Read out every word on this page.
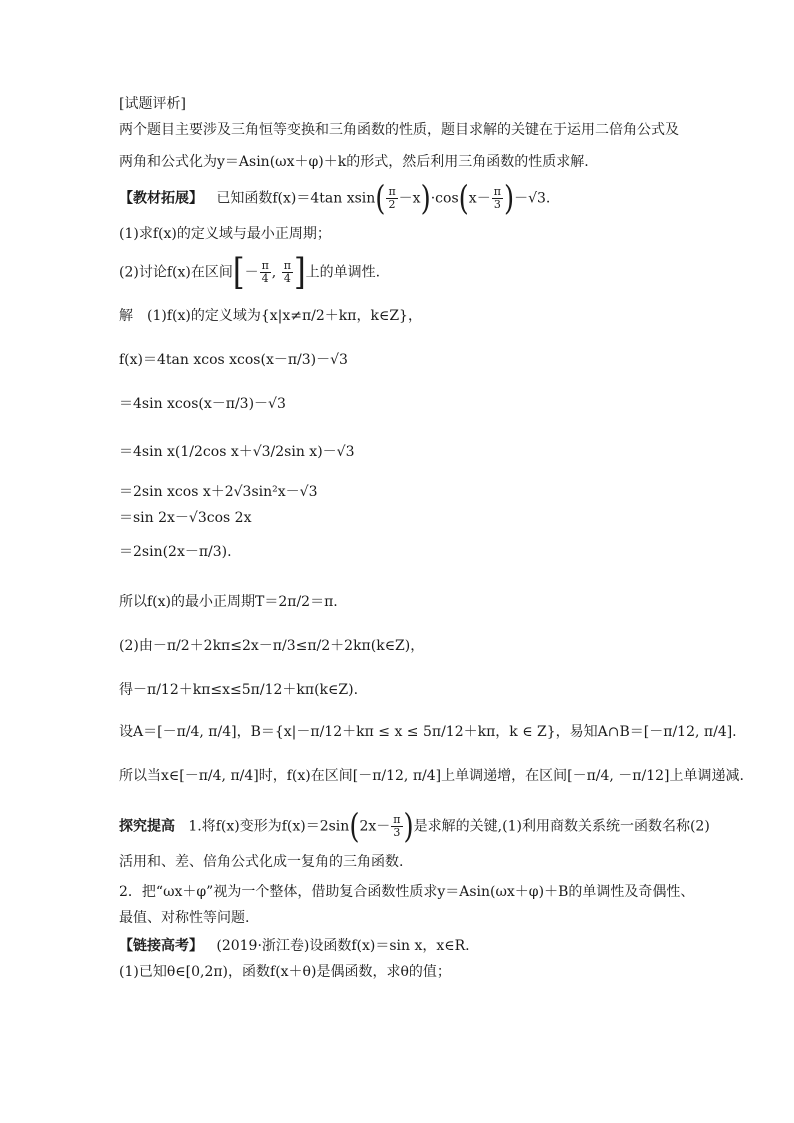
[试题评析]
两个题目主要涉及三角恒等变换和三角函数的性质，题目求解的关键在于运用二倍角公式及
两角和公式化为y＝Asin(ωx＋φ)＋k的形式，然后利用三角函数的性质求解.
【教材拓展】 已知函数f(x)＝4tan $xsin( \frac{\pi}{2} -x)\cdot\cos(x- \frac{\pi}{3} )-√3$.
(1)求f(x)的定义域与最小正周期；
(2)讨论f(x)在区间[－ $\frac{\pi}{4}$ , $\frac{\pi}{4}$ ]上的单调性.
解　(1)f(x)的定义域为{x|x≠π/2＋kπ，k∈Z}，
f(x)＝4tan xcos xcos(x－π/3)－√3
＝4sin xcos(x－π/3)－√3
＝4sin x(1/2cos x＋√3/2sin x)－√3
＝2sin xcos x＋2√3sin²x－√3
＝sin 2x－√3cos 2x
＝2sin(2x－π/3).
所以f(x)的最小正周期T＝2π/2＝π.
(2)由－π/2＋2kπ≤2x－π/3≤π/2＋2kπ(k∈Z)，
得－π/12＋kπ≤x≤5π/12＋kπ(k∈Z).
设A＝[－π/4, π/4]，B＝{x|－π/12＋kπ ≤ x ≤ 5π/12＋kπ，k ∈ Z}，易知A∩B＝[－π/12, π/4].
所以当x∈[－π/4, π/4]时，f(x)在区间[－π/12, π/4]上单调递增，在区间[－π/4, －π/12]上单调递减.
探究提高 1.将f(x)变形为$f(x)=2\sin(2x- \frac{\pi}{3}$ )是求解的关键,(1)利用商数关系统一函数名称(2)
活用和、差、倍角公式化成一复角的三角函数.
2．把“ωx＋φ”视为一个整体，借助复合函数性质求y＝Asin(ωx＋φ)＋B的单调性及奇偶性、
最值、对称性等问题.
【链接高考】 (2019·浙江卷)设函数f(x)＝sin x，x∈R.
(1)已知θ∈[0,2π)，函数f(x＋θ)是偶函数，求θ的值；
